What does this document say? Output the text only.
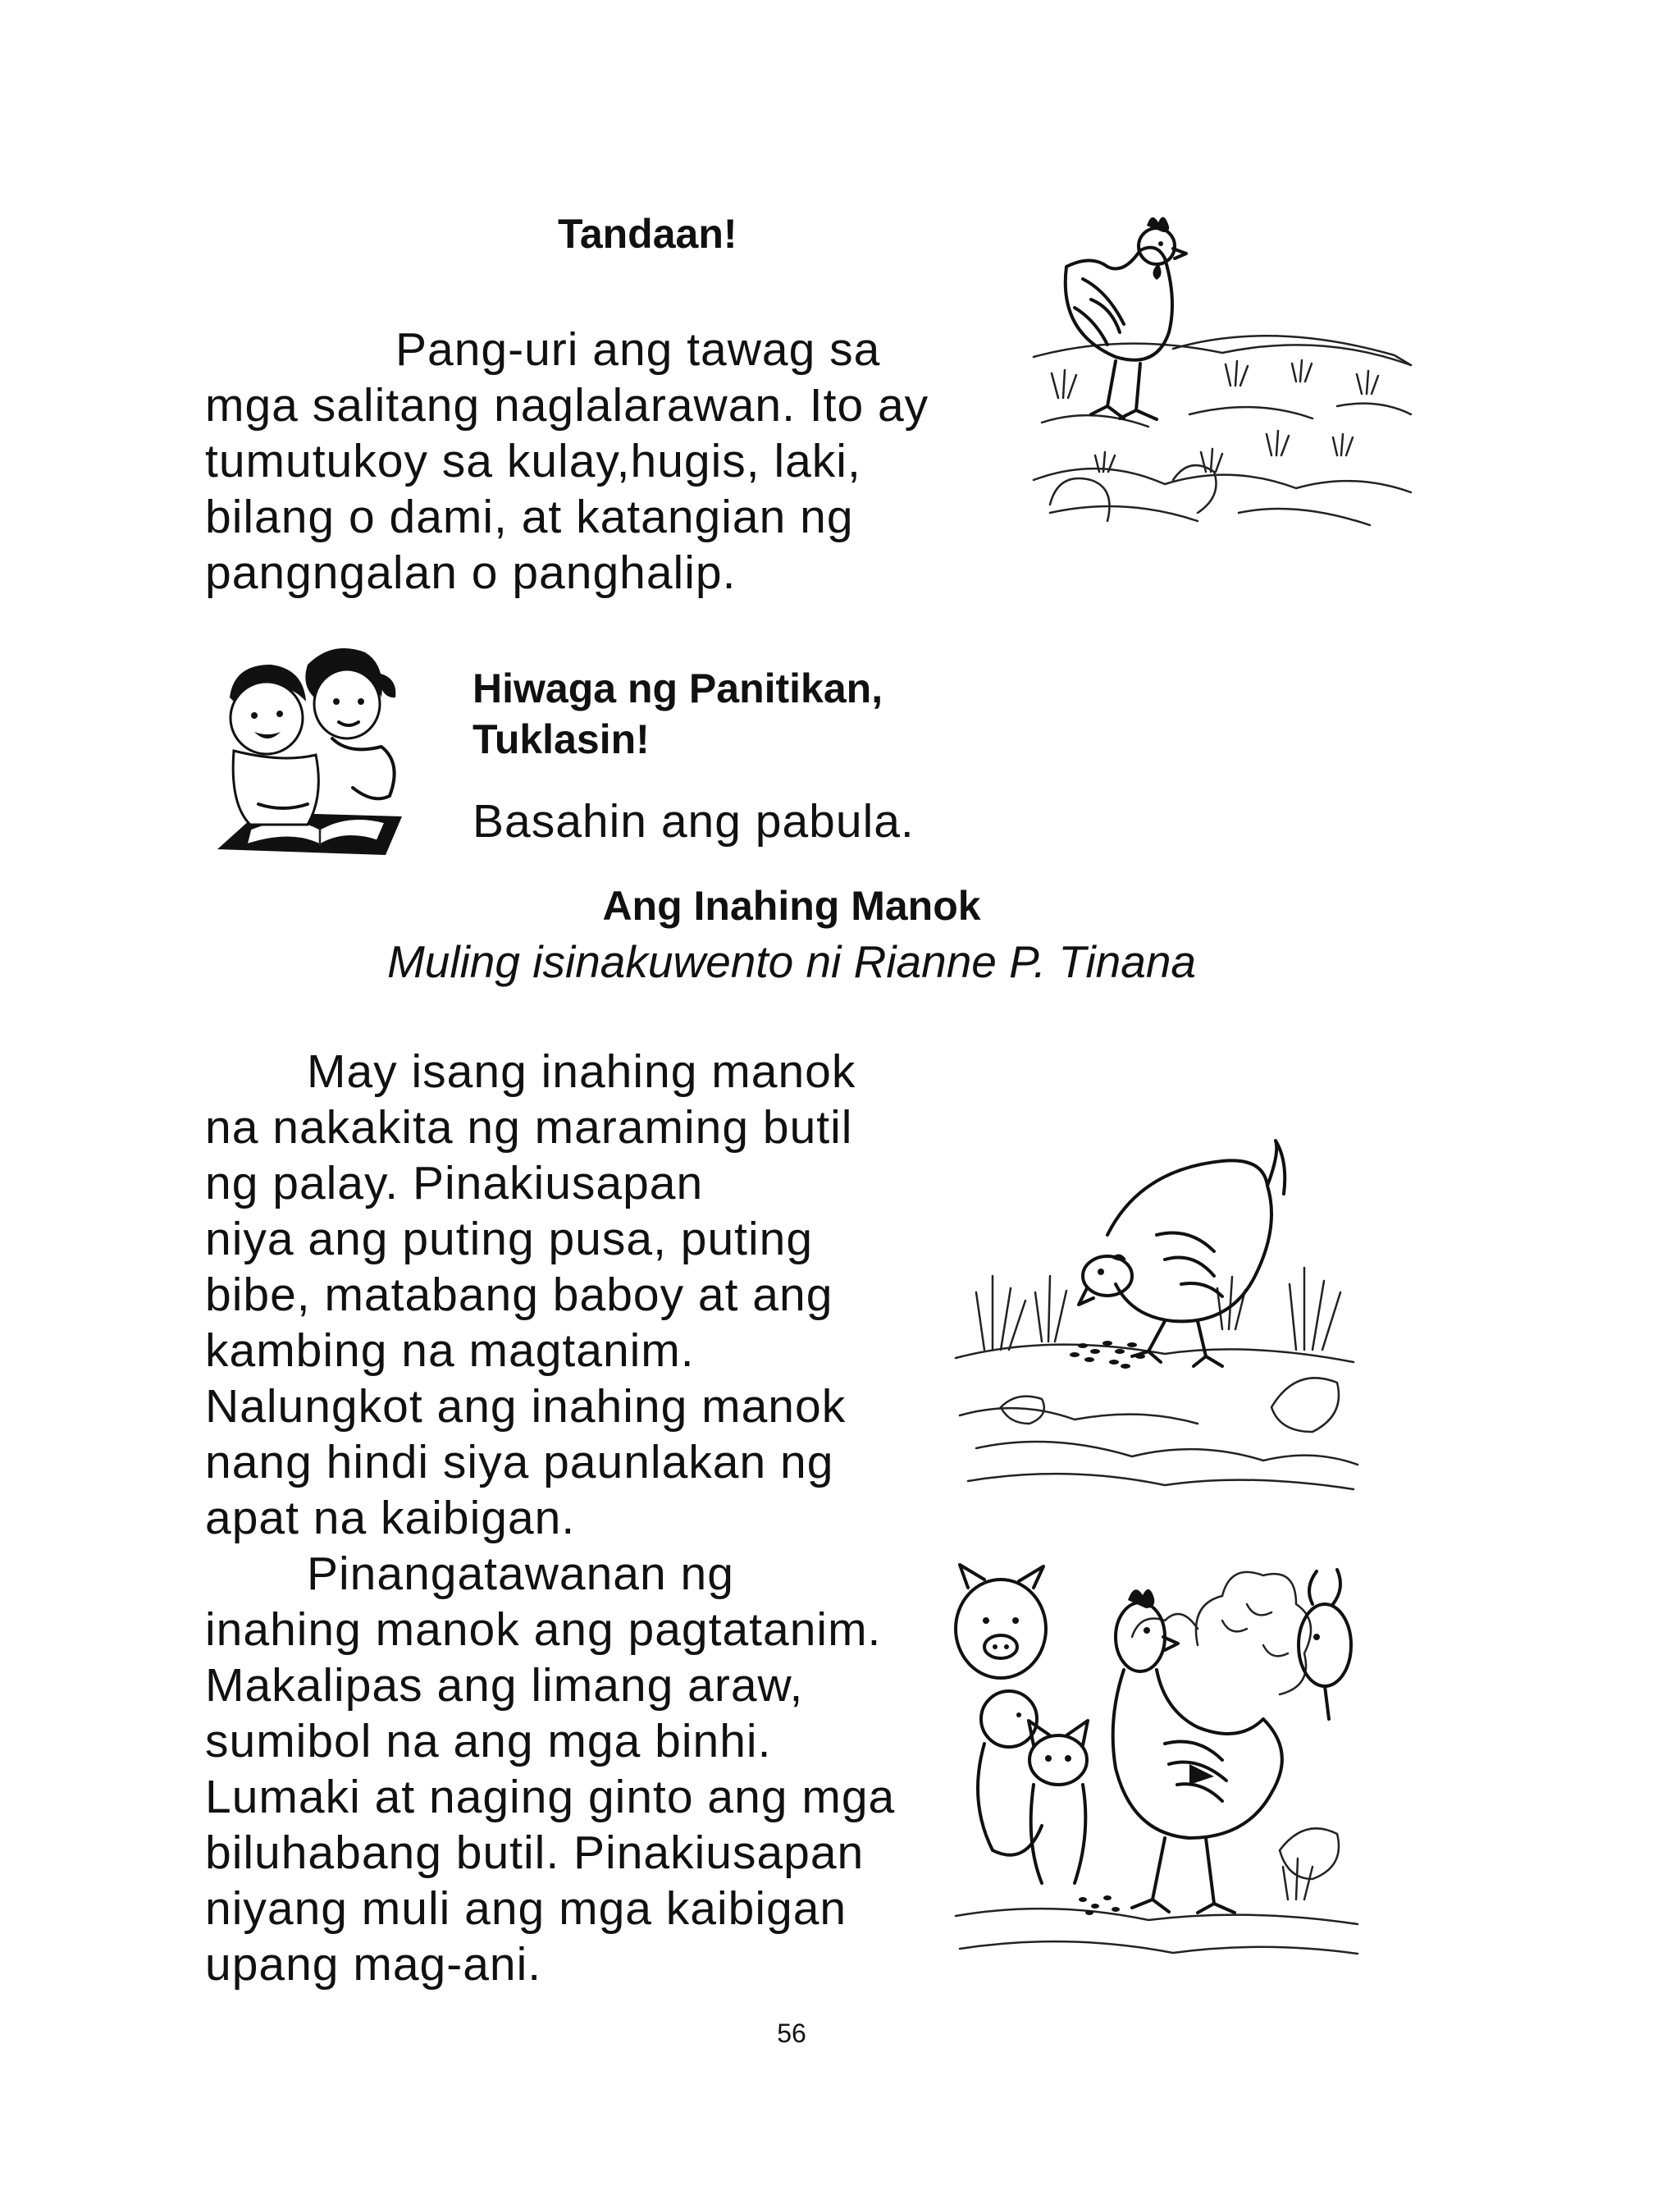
Tandaan!
Pang-uri ang tawag sa
mga salitang naglalarawan. Ito ay
tumutukoy sa kulay,hugis, laki,
bilang o dami, at katangian ng
pangngalan o panghalip.
Hiwaga ng Panitikan,
Tuklasin!
Basahin ang pabula.
Ang Inahing Manok
Muling isinakuwento ni Rianne P. Tinana
May isang inahing manok
na nakakita ng maraming butil
ng palay. Pinakiusapan
niya ang puting pusa, puting
bibe, matabang baboy at ang
kambing na magtanim.
Nalungkot ang inahing manok
nang hindi siya paunlakan ng
apat na kaibigan.
Pinangatawanan ng
inahing manok ang pagtatanim.
Makalipas ang limang araw,
sumibol na ang mga binhi.
Lumaki at naging ginto ang mga
biluhabang butil. Pinakiusapan
niyang muli ang mga kaibigan
upang mag-ani.
56
